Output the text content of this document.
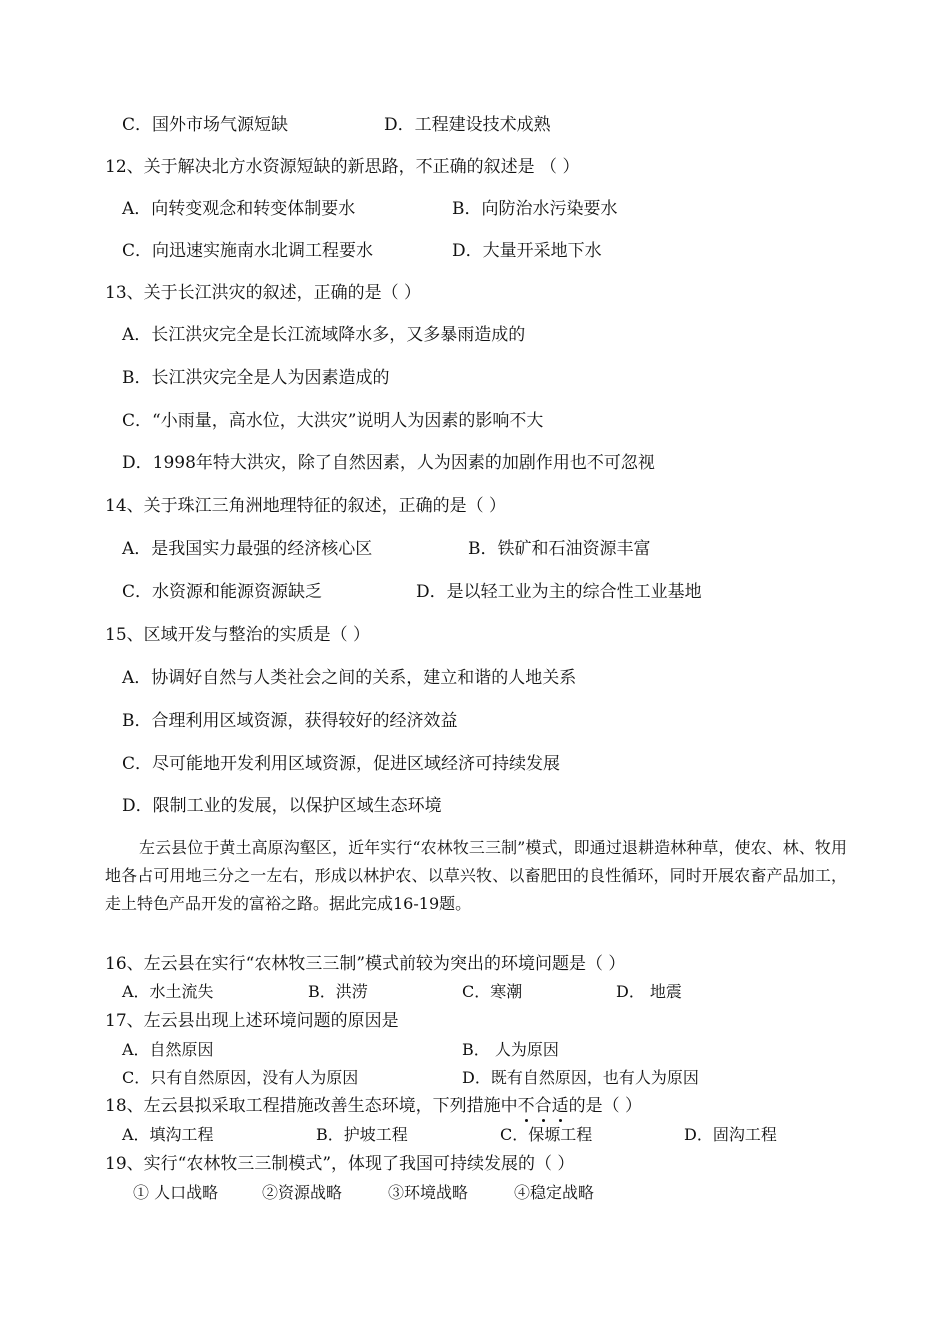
C．国外市场气源短缺	D．工程建设技术成熟
12、关于解决北方水资源短缺的新思路，不正确的叙述是 （ ）
A．向转变观念和转变体制要水	B．向防治水污染要水
C．向迅速实施南水北调工程要水	D．大量开采地下水
13、关于长江洪灾的叙述，正确的是（ ）
A．长江洪灾完全是长江流域降水多，又多暴雨造成的
B．长江洪灾完全是人为因素造成的
C．“小雨量，高水位，大洪灾”说明人为因素的影响不大
D．1998年特大洪灾，除了自然因素，人为因素的加剧作用也不可忽视
14、关于珠江三角洲地理特征的叙述，正确的是（ ）
A．是我国实力最强的经济核心区	B．铁矿和石油资源丰富
C．水资源和能源资源缺乏	D．是以轻工业为主的综合性工业基地
15、区域开发与整治的实质是（ ）
A．协调好自然与人类社会之间的关系，建立和谐的人地关系
B．合理利用区域资源，获得较好的经济效益
C．尽可能地开发利用区域资源，促进区域经济可持续发展
D．限制工业的发展，以保护区域生态环境
左云县位于黄土高原沟壑区，近年实行“农林牧三三制”模式，即通过退耕造林种草，使农、林、牧用地各占可用地三分之一左右，形成以林护农、以草兴牧、以畜肥田的良性循环，同时开展农畜产品加工，走上特色产品开发的富裕之路。据此完成16-19题。
16、左云县在实行“农林牧三三制”模式前较为突出的环境问题是（ ）
A．水土流失	B．洪涝	C．寒潮	D． 地震
17、左云县出现上述环境问题的原因是
A．自然原因	B． 人为原因
C．只有自然原因，没有人为原因	D．既有自然原因，也有人为原因
18、左云县拟采取工程措施改善生态环境，下列措施中不合适的是（ ）
A．填沟工程	B．护坡工程	C．保塬工程	D．固沟工程
19、实行“农林牧三三制模式”，体现了我国可持续发展的（ ）
① 人口战略	②资源战略	③环境战略	④稳定战略
